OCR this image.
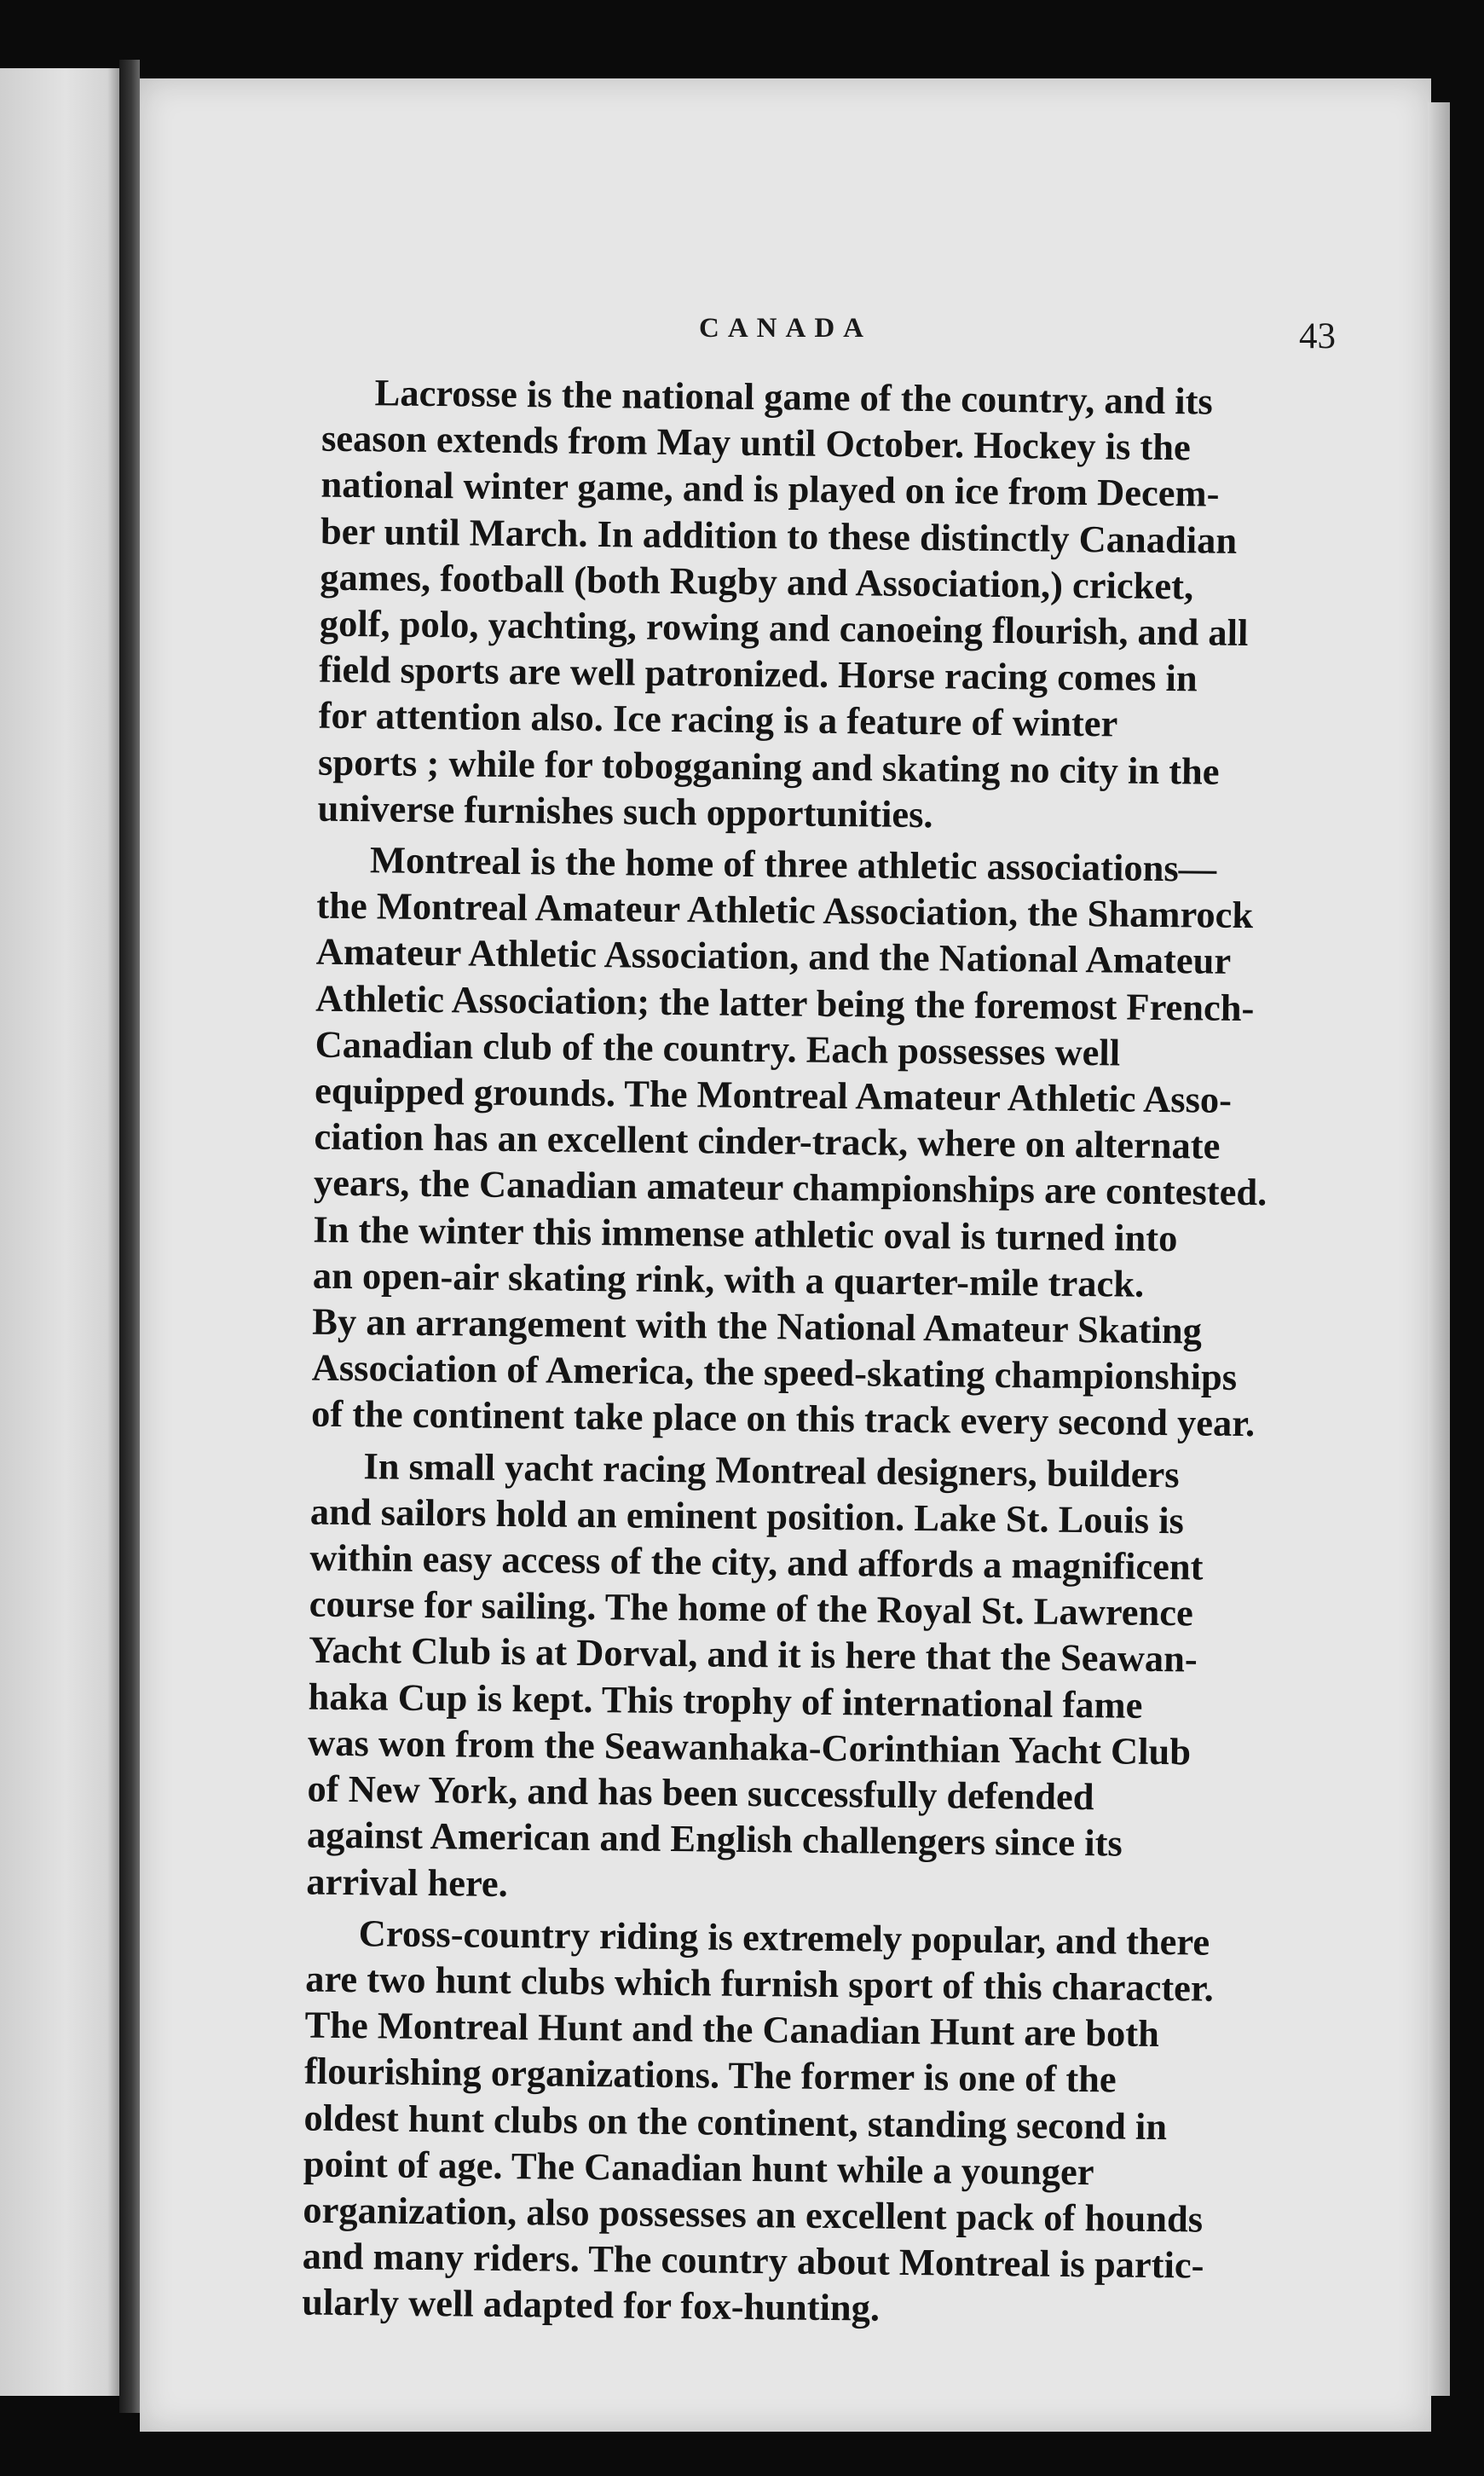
CANADA	43
Lacrosse is the national game of the country, and its
season extends from May until October. Hockey is the
national winter game, and is played on ice from Decem-
ber until March. In addition to these distinctly Canadian
games, football (both Rugby and Association,) cricket,
golf, polo, yachting, rowing and canoeing flourish, and all
field sports are well patronized. Horse racing comes in
for attention also. Ice racing is a feature of winter
sports ; while for tobogganing and skating no city in the
universe furnishes such opportunities.
Montreal is the home of three athletic associations—
the Montreal Amateur Athletic Association, the Shamrock
Amateur Athletic Association, and the National Amateur
Athletic Association; the latter being the foremost French-
Canadian club of the country. Each possesses well
equipped grounds. The Montreal Amateur Athletic Asso-
ciation has an excellent cinder-track, where on alternate
years, the Canadian amateur championships are contested.
In the winter this immense athletic oval is turned into
an open-air skating rink, with a quarter-mile track.
By an arrangement with the National Amateur Skating
Association of America, the speed-skating championships
of the continent take place on this track every second year.
In small yacht racing Montreal designers, builders
and sailors hold an eminent position. Lake St. Louis is
within easy access of the city, and affords a magnificent
course for sailing. The home of the Royal St. Lawrence
Yacht Club is at Dorval, and it is here that the Seawan-
haka Cup is kept. This trophy of international fame
was won from the Seawanhaka-Corinthian Yacht Club
of New York, and has been successfully defended
against American and English challengers since its
arrival here.
Cross-country riding is extremely popular, and there
are two hunt clubs which furnish sport of this character.
The Montreal Hunt and the Canadian Hunt are both
flourishing organizations. The former is one of the
oldest hunt clubs on the continent, standing second in
point of age. The Canadian hunt while a younger
organization, also possesses an excellent pack of hounds
and many riders. The country about Montreal is partic-
ularly well adapted for fox-hunting.
